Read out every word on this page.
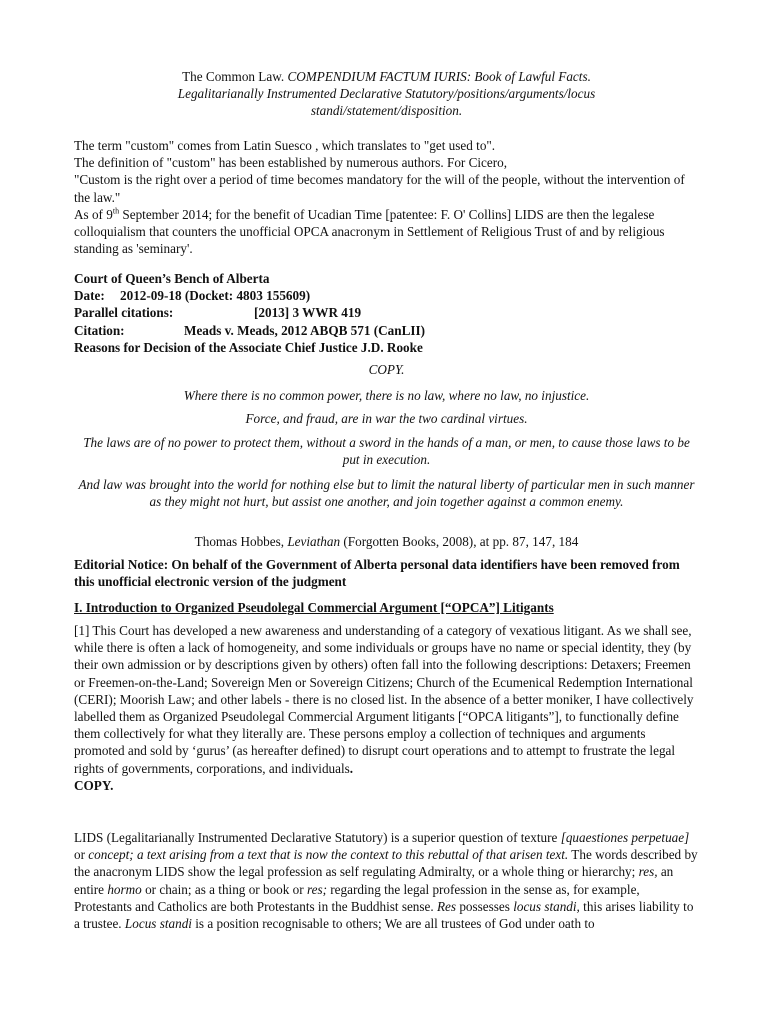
The Common Law. COMPENDIUM FACTUM IURIS: Book of Lawful Facts.
Legalitarianally Instrumented Declarative Statutory/positions/arguments/locus
standi/statement/disposition.
The term "custom" comes from Latin Suesco , which translates to "get used to".
The definition of "custom" has been established by numerous authors. For Cicero,
"Custom is the right over a period of time becomes mandatory for the will of the people, without the intervention of the law."
As of 9th September 2014; for the benefit of Ucadian Time [patentee: F. O' Collins] LIDS are then the legalese colloquialism that counters the unofficial OPCA anacronym in Settlement of Religious Trust of and by religious standing as 'seminary'.
Court of Queen’s Bench of Alberta
Date: 2012-09-18 (Docket: 4803 155609)
Parallel citations:	[2013] 3 WWR 419
Citation:	Meads v. Meads, 2012 ABQB 571 (CanLII)
Reasons for Decision of the Associate Chief Justice J.D. Rooke
COPY.
Where there is no common power, there is no law, where no law, no injustice.
Force, and fraud, are in war the two cardinal virtues.
The laws are of no power to protect them, without a sword in the hands of a man, or men, to cause those laws to be put in execution.
And law was brought into the world for nothing else but to limit the natural liberty of particular men in such manner as they might not hurt, but assist one another, and join together against a common enemy.
Thomas Hobbes, Leviathan (Forgotten Books, 2008), at pp. 87, 147, 184
Editorial Notice: On behalf of the Government of Alberta personal data identifiers have been removed from this unofficial electronic version of the judgment
I. Introduction to Organized Pseudolegal Commercial Argument [“OPCA”] Litigants
[1] This Court has developed a new awareness and understanding of a category of vexatious litigant. As we shall see, while there is often a lack of homogeneity, and some individuals or groups have no name or special identity, they (by their own admission or by descriptions given by others) often fall into the following descriptions: Detaxers; Freemen or Freemen-on-the-Land; Sovereign Men or Sovereign Citizens; Church of the Ecumenical Redemption International (CERI); Moorish Law; and other labels - there is no closed list. In the absence of a better moniker, I have collectively labelled them as Organized Pseudolegal Commercial Argument litigants [“OPCA litigants”], to functionally define them collectively for what they literally are. These persons employ a collection of techniques and arguments promoted and sold by ‘gurus’ (as hereafter defined) to disrupt court operations and to attempt to frustrate the legal rights of governments, corporations, and individuals.
COPY.
LIDS (Legalitarianally Instrumented Declarative Statutory) is a superior question of texture [quaestiones perpetuae] or concept; a text arising from a text that is now the context to this rebuttal of that arisen text. The words described by the anacronym LIDS show the legal profession as self regulating Admiralty, or a whole thing or hierarchy; res, an entire hormo or chain; as a thing or book or res; regarding the legal profession in the sense as, for example, Protestants and Catholics are both Protestants in the Buddhist sense. Res possesses locus standi, this arises liability to a trustee. Locus standi is a position recognisable to others; We are all trustees of God under oath to
